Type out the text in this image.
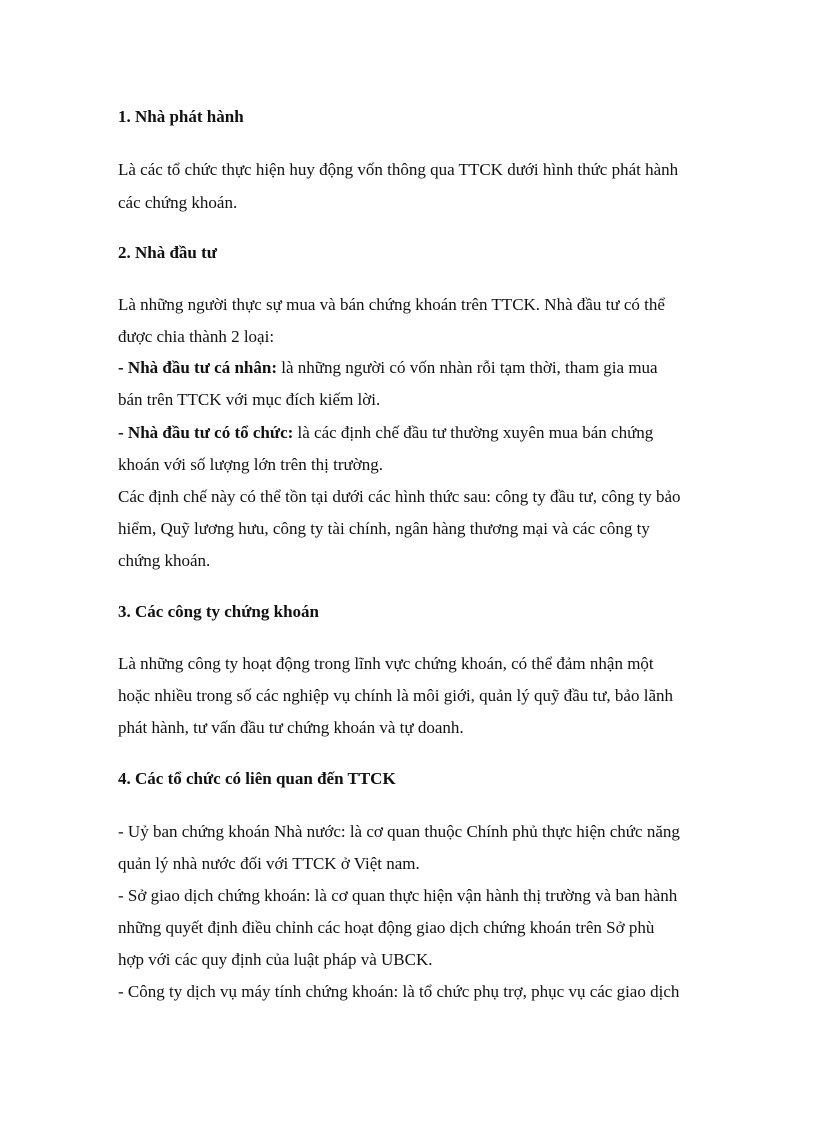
1. Nhà phát hành
Là các tổ chức thực hiện huy động vốn thông qua TTCK dưới hình thức phát hành
các chứng khoán.
2. Nhà đầu tư
Là những người thực sự mua và bán chứng khoán trên TTCK. Nhà đầu tư có thể
được chia thành 2 loại:
- Nhà đầu tư cá nhân: là những người có vốn nhàn rỗi tạm thời, tham gia mua
bán trên TTCK với mục đích kiếm lời.
- Nhà đầu tư có tổ chức: là các định chế đầu tư thường xuyên mua bán chứng
khoán với số lượng lớn trên thị trường.
Các định chế này có thể tồn tại dưới các hình thức sau: công ty đầu tư, công ty bảo
hiểm, Quỹ lương hưu, công ty tài chính, ngân hàng thương mại và các công ty
chứng khoán.
3. Các công ty chứng khoán
Là những công ty hoạt động trong lĩnh vực chứng khoán, có thể đảm nhận một
hoặc nhiều trong số các nghiệp vụ chính là môi giới, quản lý quỹ đầu tư, bảo lãnh
phát hành, tư vấn đầu tư chứng khoán và tự doanh.
4. Các tổ chức có liên quan đến TTCK
- Uỷ ban chứng khoán Nhà nước: là cơ quan thuộc Chính phủ thực hiện chức năng
quản lý nhà nước đối với TTCK ở Việt nam.
- Sở giao dịch chứng khoán: là cơ quan thực hiện vận hành thị trường và ban hành
những quyết định điều chỉnh các hoạt động giao dịch chứng khoán trên Sở phù
hợp với các quy định của luật pháp và UBCK.
- Công ty dịch vụ máy tính chứng khoán: là tổ chức phụ trợ, phục vụ các giao dịch
